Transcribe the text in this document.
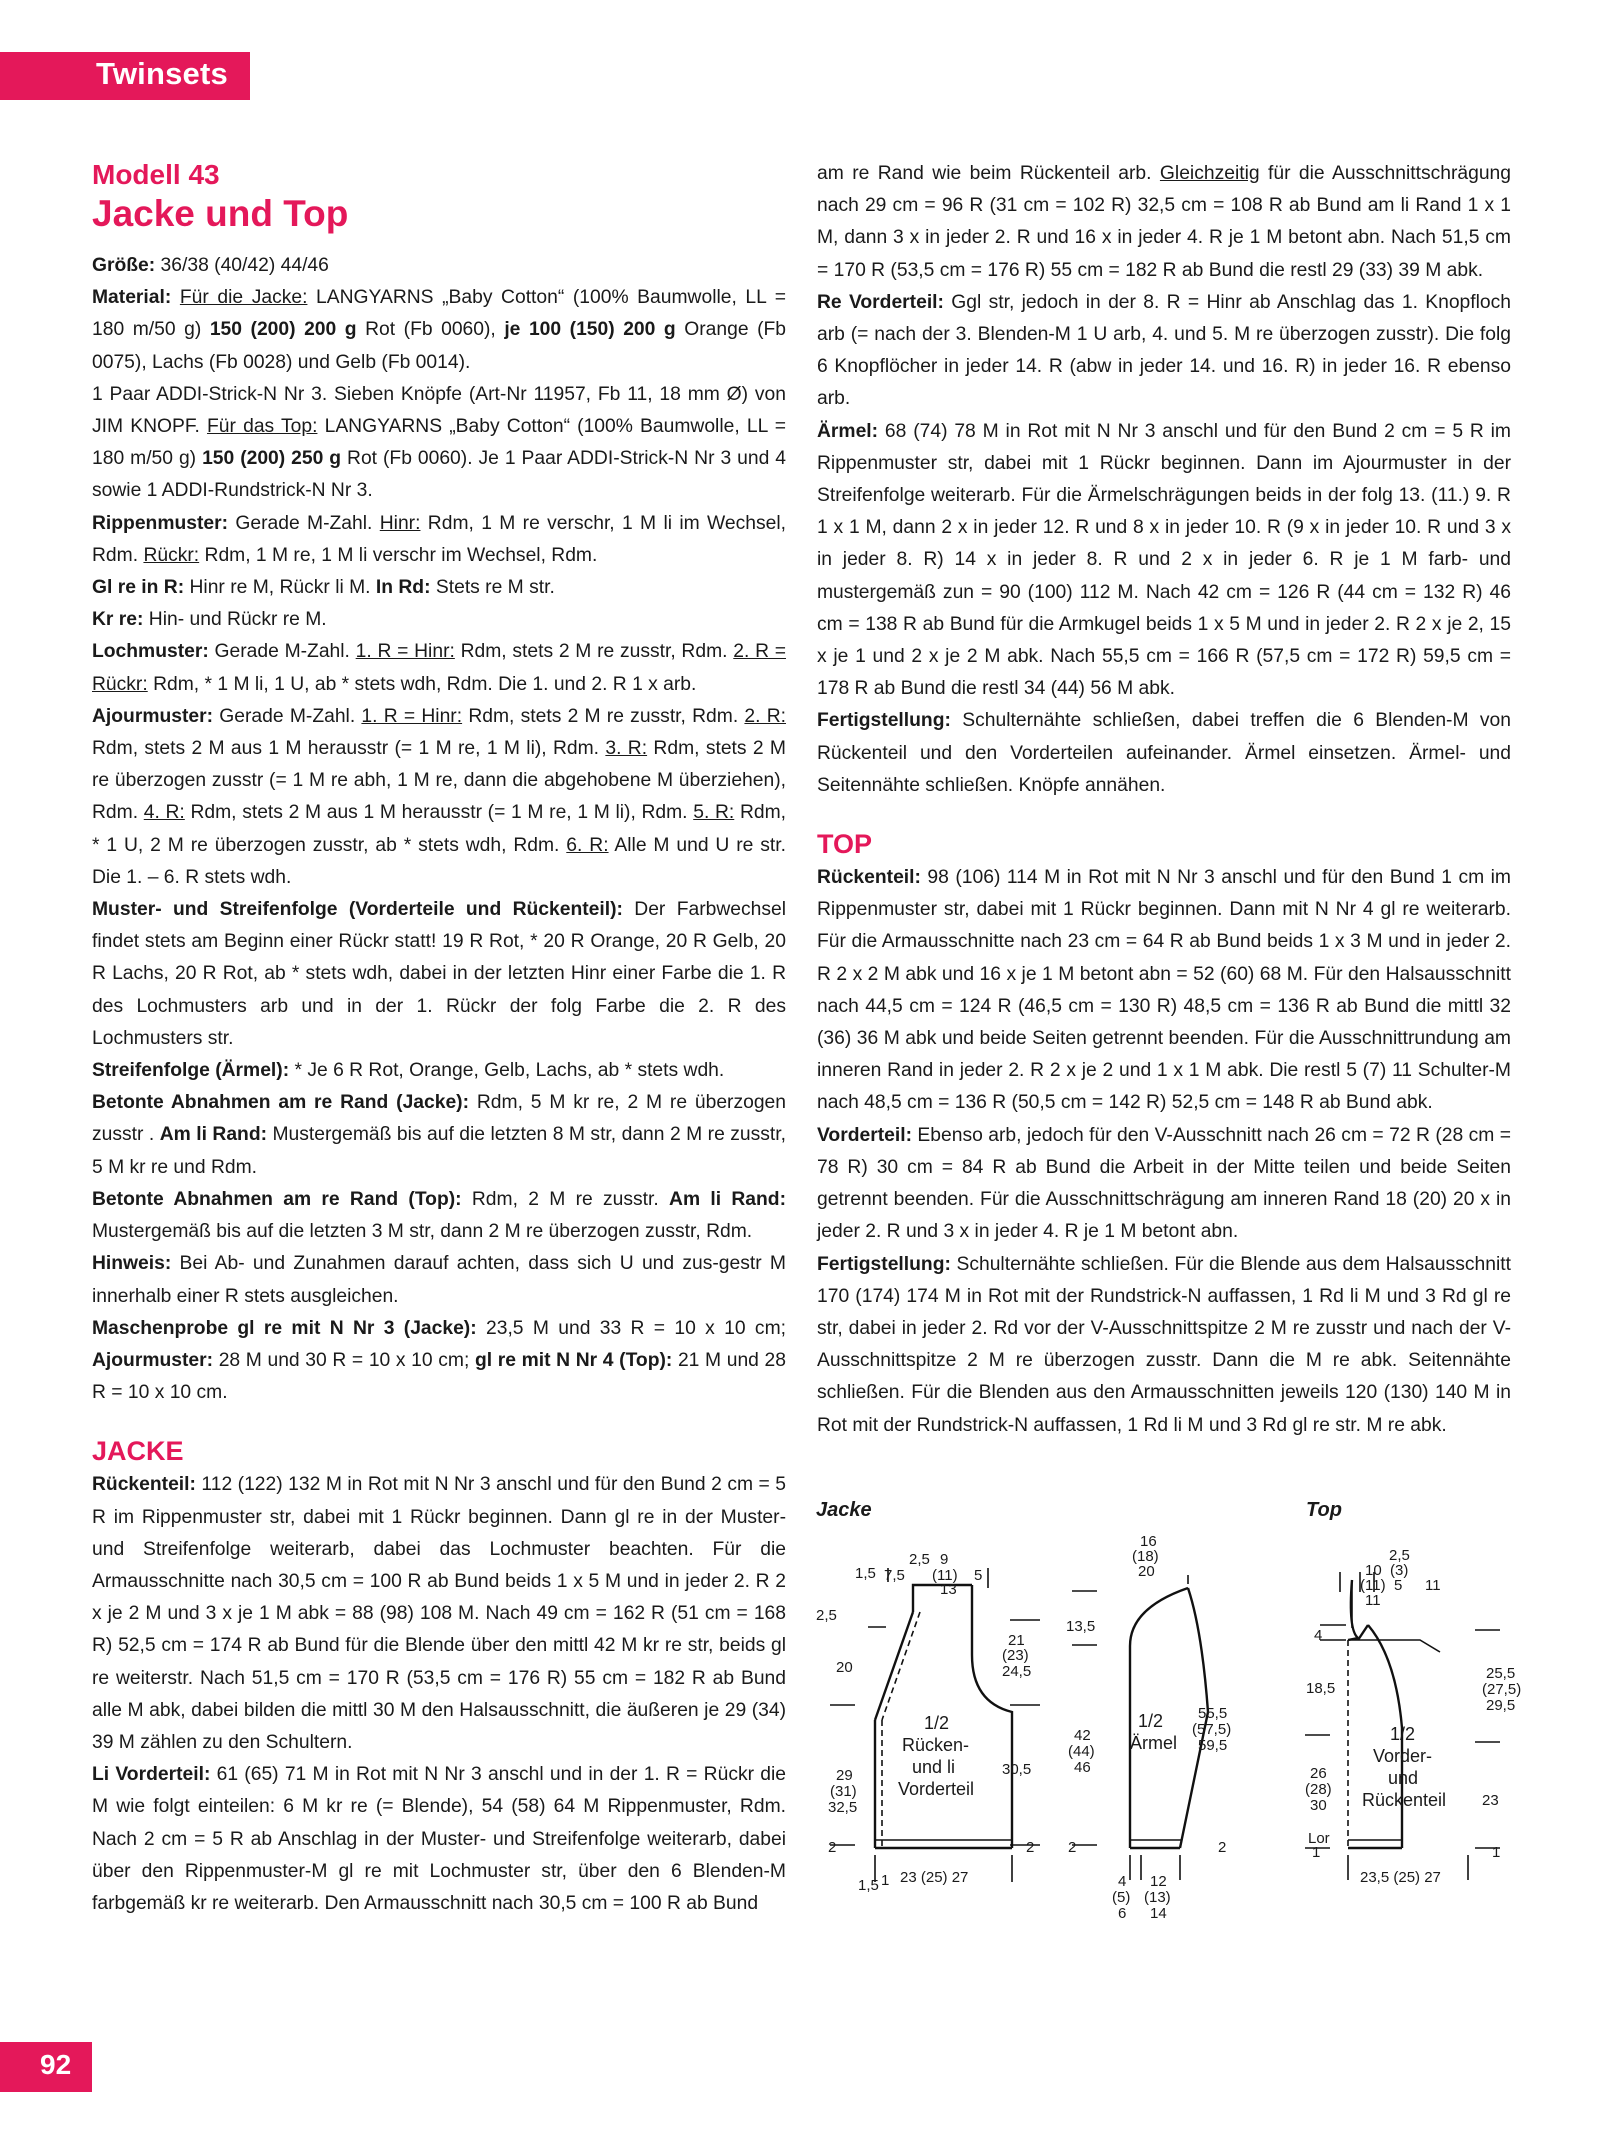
Twinsets
Modell 43
Jacke und Top

Größe: 36/38 (40/42) 44/46

Material: Für die Jacke: LANGYARNS „Baby Cotton“ (100% Baumwolle, LL = 180 m/50 g) 150 (200) 200 g Rot (Fb 0060), je 100 (150) 200 g Orange (Fb 0075), Lachs (Fb 0028) und Gelb (Fb 0014).

1 Paar ADDI-Strick-N Nr 3. Sieben Knöpfe (Art-Nr 11957, Fb 11, 18 mm Ø) von JIM KNOPF. Für das Top: LANGYARNS „Baby Cotton“ (100% Baumwolle, LL = 180 m/50 g) 150 (200) 250 g Rot (Fb 0060). Je 1 Paar ADDI-Strick-N Nr 3 und 4 sowie 1 ADDI-Rundstrick-N Nr 3.

Rippenmuster: Gerade M-Zahl. Hinr: Rdm, 1 M re verschr, 1 M li im Wechsel, Rdm. Rückr: Rdm, 1 M re, 1 M li verschr im Wechsel, Rdm.

Gl re in R: Hinr re M, Rückr li M. In Rd: Stets re M str.

Kr re: Hin- und Rückr re M.

Lochmuster: Gerade M-Zahl. 1. R = Hinr: Rdm, stets 2 M re zusstr, Rdm. 2. R = Rückr: Rdm, * 1 M li, 1 U, ab * stets wdh, Rdm. Die 1. und 2. R 1 x arb.

Ajourmuster: Gerade M-Zahl. 1. R = Hinr: Rdm, stets 2 M re zusstr, Rdm. 2. R: Rdm, stets 2 M aus 1 M herausstr (= 1 M re, 1 M li), Rdm. 3. R: Rdm, stets 2 M re überzogen zusstr (= 1 M re abh, 1 M re, dann die abgehobene M überziehen), Rdm. 4. R: Rdm, stets 2 M aus 1 M herausstr (= 1 M re, 1 M li), Rdm. 5. R: Rdm, * 1 U, 2 M re überzogen zusstr, ab * stets wdh, Rdm. 6. R: Alle M und U re str. Die 1. – 6. R stets wdh.

Muster- und Streifenfolge (Vorderteile und Rückenteil): Der Farbwechsel findet stets am Beginn einer Rückr statt! 19 R Rot, * 20 R Orange, 20 R Gelb, 20 R Lachs, 20 R Rot, ab * stets wdh, dabei in der letzten Hinr einer Farbe die 1. R des Lochmusters arb und in der 1. Rückr der folg Farbe die 2. R des Lochmusters str.

Streifenfolge (Ärmel): * Je 6 R Rot, Orange, Gelb, Lachs, ab * stets wdh.

Betonte Abnahmen am re Rand (Jacke): Rdm, 5 M kr re, 2 M re überzogen zusstr . Am li Rand: Mustergemäß bis auf die letzten 8 M str, dann 2 M re zusstr, 5 M kr re und Rdm.

Betonte Abnahmen am re Rand (Top): Rdm, 2 M re zusstr. Am li Rand: Mustergemäß bis auf die letzten 3 M str, dann 2 M re überzogen zusstr, Rdm.

Hinweis: Bei Ab- und Zunahmen darauf achten, dass sich U und zus-gestr M innerhalb einer R stets ausgleichen.

Maschenprobe gl re mit N Nr 3 (Jacke): 23,5 M und 33 R = 10 x 10 cm; Ajourmuster: 28 M und 30 R = 10 x 10 cm; gl re mit N Nr 4 (Top): 21 M und 28 R = 10 x 10 cm.

JACKE

Rückenteil: 112 (122) 132 M in Rot mit N Nr 3 anschl und für den Bund 2 cm = 5 R im Rippenmuster str, dabei mit 1 Rückr beginnen. Dann gl re in der Muster- und Streifenfolge weiterarb, dabei das Lochmuster beachten. Für die Armausschnitte nach 30,5 cm = 100 R ab Bund beids 1 x 5 M und in jeder 2. R 2 x je 2 M und 3 x je 1 M abk = 88 (98) 108 M. Nach 49 cm = 162 R (51 cm = 168 R) 52,5 cm = 174 R ab Bund für die Blende über den mittl 42 M kr re str, beids gl re weiterstr. Nach 51,5 cm = 170 R (53,5 cm = 176 R) 55 cm = 182 R ab Bund alle M abk, dabei bilden die mittl 30 M den Halsausschnitt, die äußeren je 29 (34) 39 M zählen zu den Schultern.

Li Vorderteil: 61 (65) 71 M in Rot mit N Nr 3 anschl und in der 1. R = Rückr die M wie folgt einteilen: 6 M kr re (= Blende), 54 (58) 64 M Rippenmuster, Rdm. Nach 2 cm = 5 R ab Anschlag in der Muster- und Streifenfolge weiterarb, dabei über den Rippenmuster-M gl re mit Lochmuster str, über den 6 Blenden-M farbgemäß kr re weiterarb. Den Armausschnitt nach 30,5 cm = 100 R ab Bund

am re Rand wie beim Rückenteil arb. Gleichzeitig für die Ausschnittschrägung nach 29 cm = 96 R (31 cm = 102 R) 32,5 cm = 108 R ab Bund am li Rand 1 x 1 M, dann 3 x in jeder 2. R und 16 x in jeder 4. R je 1 M betont abn. Nach 51,5 cm = 170 R (53,5 cm = 176 R) 55 cm = 182 R ab Bund die restl 29 (33) 39 M abk.

Re Vorderteil: Ggl str, jedoch in der 8. R = Hinr ab Anschlag das 1. Knopfloch arb (= nach der 3. Blenden-M 1 U arb, 4. und 5. M re überzogen zusstr). Die folg 6 Knopflöcher in jeder 14. R (abw in jeder 14. und 16. R) in jeder 16. R ebenso arb.

Ärmel: 68 (74) 78 M in Rot mit N Nr 3 anschl und für den Bund 2 cm = 5 R im Rippenmuster str, dabei mit 1 Rückr beginnen. Dann im Ajourmuster in der Streifenfolge weiterarb. Für die Ärmelschrägungen beids in der folg 13. (11.) 9. R 1 x 1 M, dann 2 x in jeder 12. R und 8 x in jeder 10. R (9 x in jeder 10. R und 3 x in jeder 8. R) 14 x in jeder 8. R und 2 x in jeder 6. R je 1 M farb- und mustergemäß zun = 90 (100) 112 M. Nach 42 cm = 126 R (44 cm = 132 R) 46 cm = 138 R ab Bund für die Armkugel beids 1 x 5 M und in jeder 2. R 2 x je 2, 15 x je 1 und 2 x je 2 M abk. Nach 55,5 cm = 166 R (57,5 cm = 172 R) 59,5 cm = 178 R ab Bund die restl 34 (44) 56 M abk.

Fertigstellung: Schulternähte schließen, dabei treffen die 6 Blenden-M von Rückenteil und den Vorderteilen aufeinander. Ärmel einsetzen. Ärmel- und Seitennähte schließen. Knöpfe annähen.

TOP

Rückenteil: 98 (106) 114 M in Rot mit N Nr 3 anschl und für den Bund 1 cm im Rippenmuster str, dabei mit 1 Rückr beginnen. Dann mit N Nr 4 gl re weiterarb. Für die Armausschnitte nach 23 cm = 64 R ab Bund beids 1 x 3 M und in jeder 2. R 2 x 2 M abk und 16 x je 1 M betont abn = 52 (60) 68 M. Für den Halsausschnitt nach 44,5 cm = 124 R (46,5 cm = 130 R) 48,5 cm = 136 R ab Bund die mittl 32 (36) 36 M abk und beide Seiten getrennt beenden. Für die Ausschnittrundung am inneren Rand in jeder 2. R 2 x je 2 und 1 x 1 M abk. Die restl 5 (7) 11 Schulter-M nach 48,5 cm = 136 R (50,5 cm = 142 R) 52,5 cm = 148 R ab Bund abk.

Vorderteil: Ebenso arb, jedoch für den V-Ausschnitt nach 26 cm = 72 R (28 cm = 78 R) 30 cm = 84 R ab Bund die Arbeit in der Mitte teilen und beide Seiten getrennt beenden. Für die Ausschnittschrägung am inneren Rand 18 (20) 20 x in jeder 2. R und 3 x in jeder 4. R je 1 M betont abn.

Fertigstellung: Schulternähte schließen. Für die Blende aus dem Halsausschnitt 170 (174) 174 M in Rot mit der Rundstrick-N auffassen, 1 Rd li M und 3 Rd gl re str, dabei in jeder 2. Rd vor der V-Ausschnittspitze 2 M re zusstr und nach der V-Ausschnittspitze 2 M re überzogen zusstr. Dann die M re abk. Seitennähte schließen. Für die Blenden aus den Armausschnitten jeweils 120 (130) 140 M in Rot mit der Rundstrick-N auffassen, 1 Rd li M und 3 Rd gl re str. M re abk.

Jacke	Top
1,5 7,5
2,5 9
(11)
13
5
2,5
20
29
(31)
32,5
2
21
(23)
24,5
30,5
2
1/2
Rücken-
und li
Vorderteil
1,5 1 23 (25) 27
16
(18)
20
13,5
42
(44)
46
2
55,5
(57,5)
59,5
2
1/2
Ärmel
4
(5)
6
12
(13)
14
2,5
10 (3)
(11) 5 11
11
4
18,5
26
(28)
30
Lor
1
25,5
(27,5)
29,5
23
1
1/2
Vorder-
und
Rückenteil
23,5 (25) 27
92
